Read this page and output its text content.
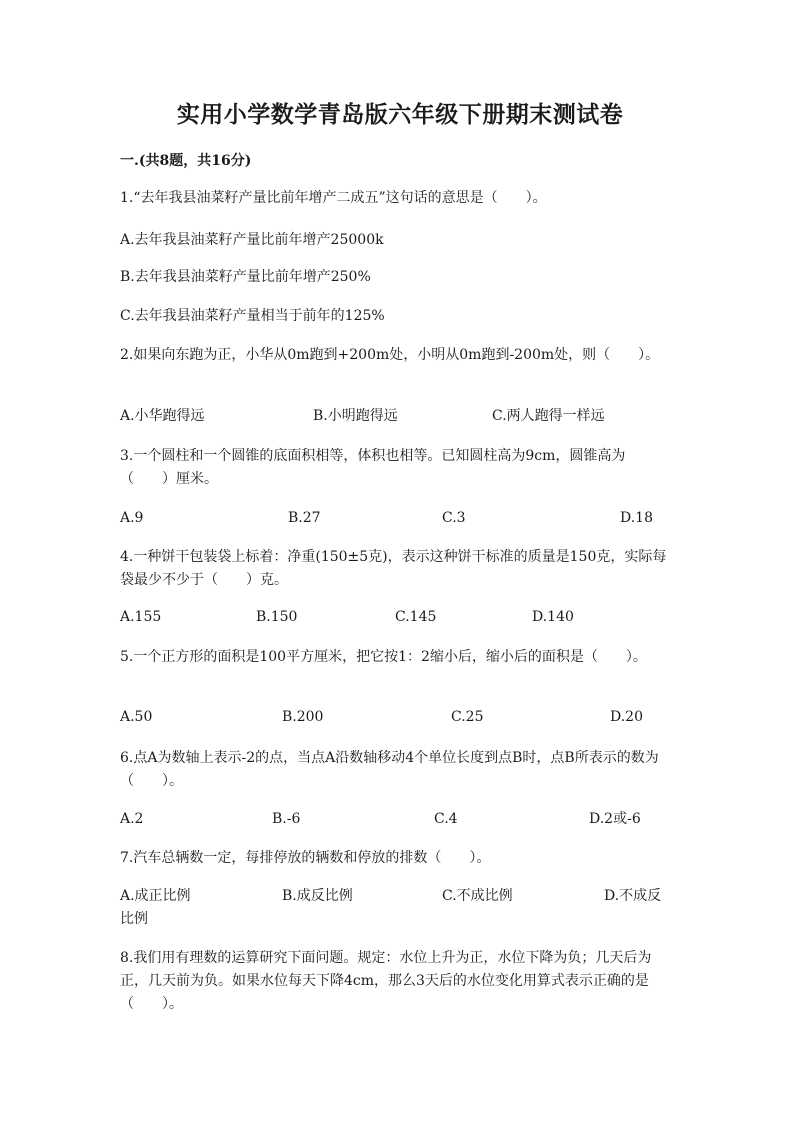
实用小学数学青岛版六年级下册期末测试卷
一.(共8题，共16分)
1.“去年我县油菜籽产量比前年增产二成五”这句话的意思是（　　）。
A.去年我县油菜籽产量比前年增产25000k
B.去年我县油菜籽产量比前年增产250%
C.去年我县油菜籽产量相当于前年的125%
2.如果向东跑为正，小华从0m跑到+200m处，小明从0m跑到-200m处，则（　　）。
A.小华跑得远	B.小明跑得远	C.两人跑得一样远
3.一个圆柱和一个圆锥的底面积相等，体积也相等。已知圆柱高为9cm，圆锥高为（　　）厘米。
A.9	B.27	C.3	D.18
4.一种饼干包装袋上标着：净重(150±5克)，表示这种饼干标准的质量是150克，实际每袋最少不少于（　　）克。
A.155	B.150	C.145	D.140
5.一个正方形的面积是100平方厘米，把它按1：2缩小后，缩小后的面积是（　　）。
A.50	B.200	C.25	D.20
6.点A为数轴上表示-2的点，当点A沿数轴移动4个单位长度到点B时，点B所表示的数为（　　）。
A.2	B.-6	C.4	D.2或-6
7.汽车总辆数一定，每排停放的辆数和停放的排数（　　）。
A.成正比例	B.成反比例	C.不成比例	D.不成反
比例
8.我们用有理数的运算研究下面问题。规定：水位上升为正，水位下降为负；几天后为正，几天前为负。如果水位每天下降4cm，那么3天后的水位变化用算式表示正确的是（　　）。
